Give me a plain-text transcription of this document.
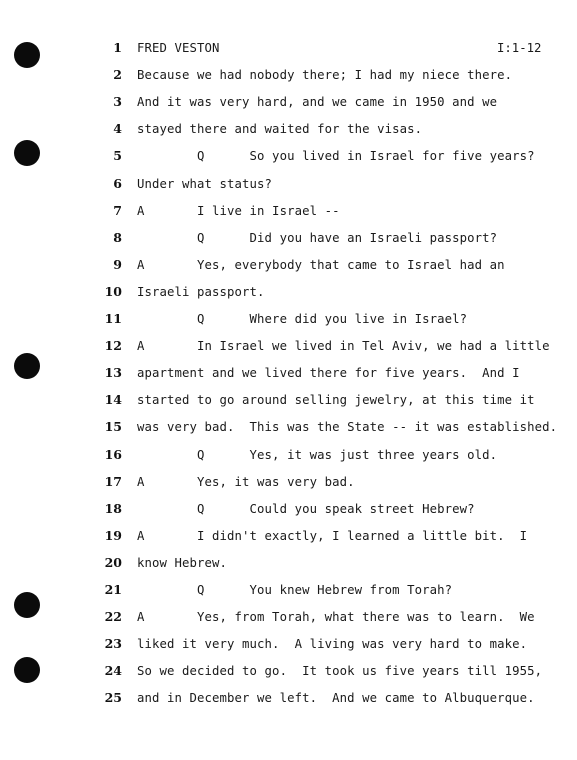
I:1-12
1 FRED VESTON
2 Because we had nobody there; I had my niece there.
3 And it was very hard, and we came in 1950 and we
4 stayed there and waited for the visas.
5 Q      So you lived in Israel for five years?
6 Under what status?
7 A       I live in Israel --
8 Q      Did you have an Israeli passport?
9 A       Yes, everybody that came to Israel had an
10 Israeli passport.
11 Q      Where did you live in Israel?
12 A       In Israel we lived in Tel Aviv, we had a little
13 apartment and we lived there for five years.  And I
14 started to go around selling jewelry, at this time it
15 was very bad.  This was the State -- it was established.
16 Q      Yes, it was just three years old.
17 A       Yes, it was very bad.
18 Q      Could you speak street Hebrew?
19 A       I didn't exactly, I learned a little bit.  I
20 know Hebrew.
21 Q      You knew Hebrew from Torah?
22 A       Yes, from Torah, what there was to learn.  We
23 liked it very much.  A living was very hard to make.
24 So we decided to go.  It took us five years till 1955,
25 and in December we left.  And we came to Albuquerque.
